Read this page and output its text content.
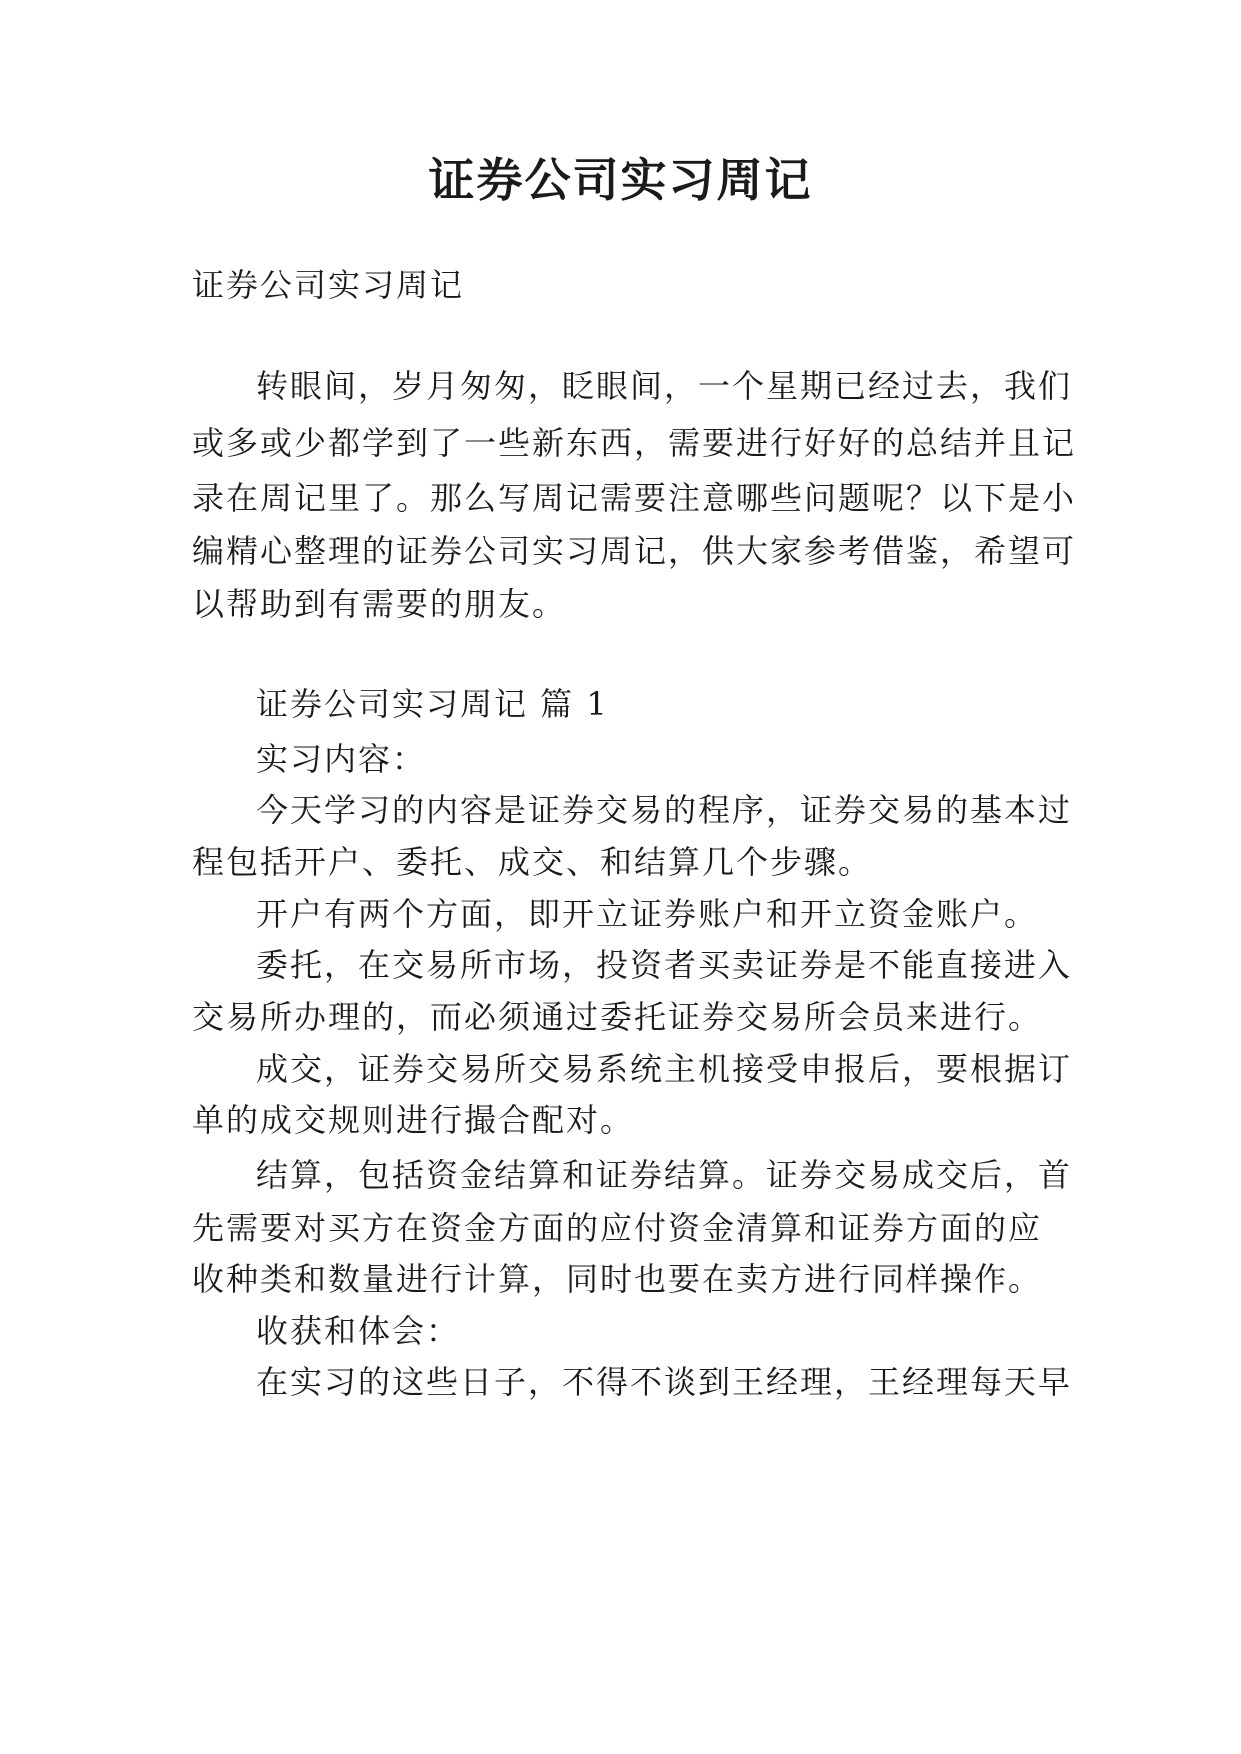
证券公司实习周记
证券公司实习周记
转眼间，岁月匆匆，眨眼间，一个星期已经过去，我们
或多或少都学到了一些新东西，需要进行好好的总结并且记
录在周记里了。那么写周记需要注意哪些问题呢？以下是小
编精心整理的证券公司实习周记，供大家参考借鉴，希望可
以帮助到有需要的朋友。
证券公司实习周记 篇 1
实习内容：
今天学习的内容是证券交易的程序，证券交易的基本过
程包括开户、委托、成交、和结算几个步骤。
开户有两个方面，即开立证券账户和开立资金账户。
委托，在交易所市场，投资者买卖证券是不能直接进入
交易所办理的，而必须通过委托证券交易所会员来进行。
成交，证券交易所交易系统主机接受申报后，要根据订
单的成交规则进行撮合配对。
结算，包括资金结算和证券结算。证券交易成交后，首
先需要对买方在资金方面的应付资金清算和证券方面的应
收种类和数量进行计算，同时也要在卖方进行同样操作。
收获和体会：
在实习的这些日子，不得不谈到王经理，王经理每天早
